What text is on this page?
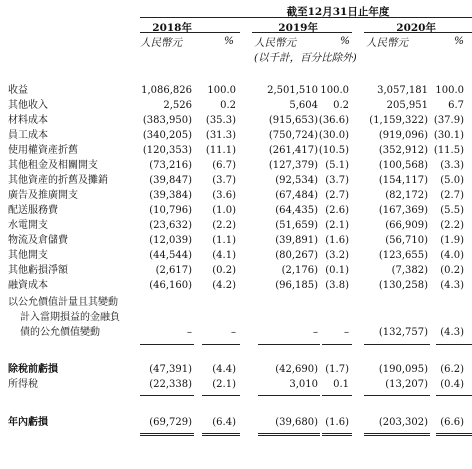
截至12月31日止年度
2018年	2019年	2020年
人民幣元	% 人民幣元	% 人民幣元	%
(以千計，百分比除外)
收益	1,086,826 100.0	2,501,510 100.0	3,057,181 100.0
其他收入	2,526	0.2	5,604 0.2	205,951 6.7
材料成本	(383,950) (35.3)	(915,653) (36.6) (1,159,322) (37.9)
員工成本	(340,205) (31.3)	(750,724) (30.0)	(919,096) (30.1)
使用權資產折舊	(120,353) (11.1)	(261,417) (10.5)	(352,912) (11.5)
其他租金及相關開支	(73,216) (6.7)	(127,379) (5.1)	(100,568) (3.3)
其他資產的折舊及攤銷	(39,847) (3.7)	(92,534) (3.7)	(154,117) (5.0)
廣告及推廣開支	(39,384) (3.6)	(67,484) (2.7)	(82,172) (2.7)
配送服務費	(10,796) (1.0)	(64,435) (2.6)	(167,369) (5.5)
水電開支	(23,632) (2.2)	(51,659) (2.1)	(66,909) (2.2)
物流及倉儲費	(12,039) (1.1)	(39,891) (1.6)	(56,710) (1.9)
其他開支	(44,544) (4.1)	(80,267) (3.2)	(123,655) (4.0)
其他虧損淨額	(2,617) (0.2)	(2,176) (0.1)	(7,382) (0.2)
融資成本	(46,160) (4.2)	(96,185) (3.8)	(130,258) (4.3)
以公允價值計量且其變動
計入當期損益的金融負
債的公允價值變動	–	–	–	–	(132,757) (4.3)
除稅前虧損	(47,391) (4.4)	(42,690) (1.7)	(190,095) (6.2)
所得稅	(22,338) (2.1)	3,010 0.1	(13,207) (0.4)
年內虧損	(69,729) (6.4)	(39,680) (1.6)	(203,302) (6.6)
